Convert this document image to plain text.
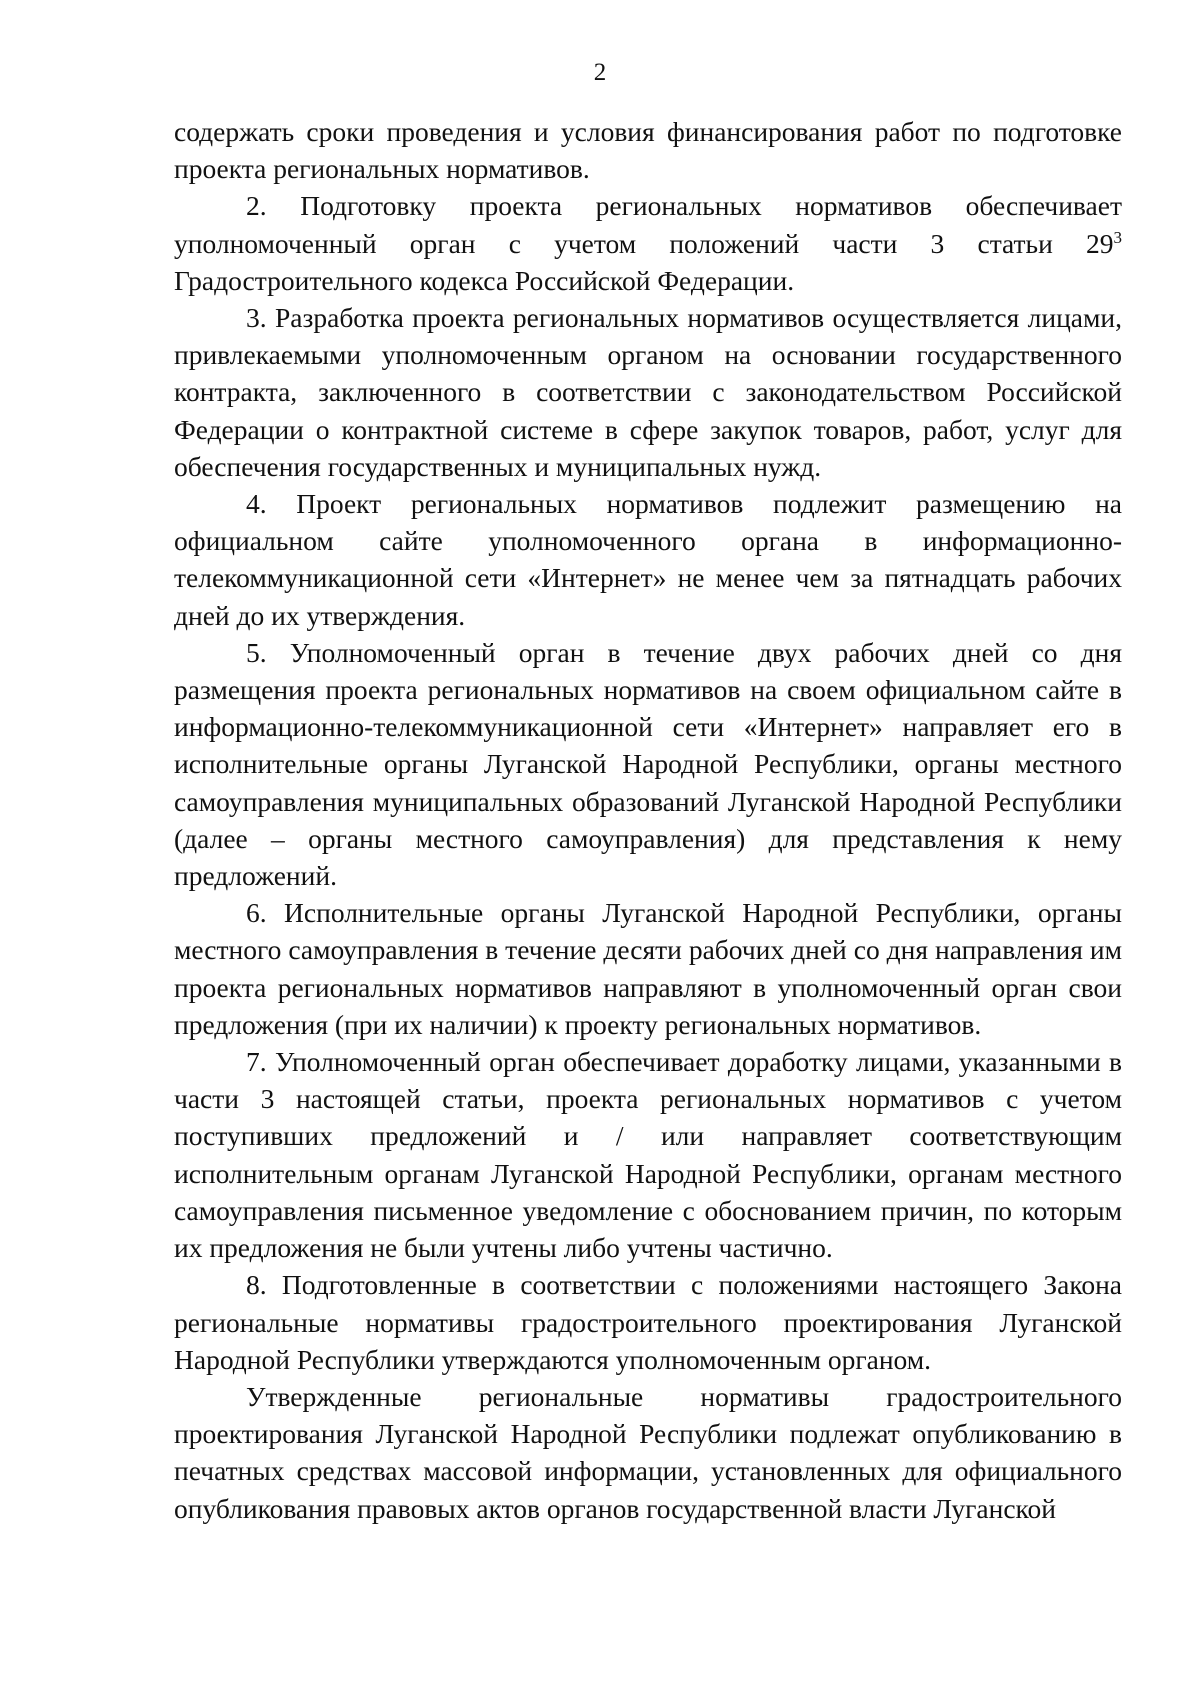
2

содержать сроки проведения и условия финансирования работ по подготовке проекта региональных нормативов.

2. Подготовку проекта региональных нормативов обеспечивает уполномоченный орган с учетом положений части 3 статьи $29^3$ Градостроительного кодекса Российской Федерации.

3. Разработка проекта региональных нормативов осуществляется лицами, привлекаемыми уполномоченным органом на основании государственного контракта, заключенного в соответствии с законодательством Российской Федерации о контрактной системе в сфере закупок товаров, работ, услуг для обеспечения государственных и муниципальных нужд.

4. Проект региональных нормативов подлежит размещению на официальном сайте уполномоченного органа в информационно-телекоммуникационной сети «Интернет» не менее чем за пятнадцать рабочих дней до их утверждения.

5. Уполномоченный орган в течение двух рабочих дней со дня размещения проекта региональных нормативов на своем официальном сайте в информационно-телекоммуникационной сети «Интернет» направляет его в исполнительные органы Луганской Народной Республики, органы местного самоуправления муниципальных образований Луганской Народной Республики (далее – органы местного самоуправления) для представления к нему предложений.

6. Исполнительные органы Луганской Народной Республики, органы местного самоуправления в течение десяти рабочих дней со дня направления им проекта региональных нормативов направляют в уполномоченный орган свои предложения (при их наличии) к проекту региональных нормативов.

7. Уполномоченный орган обеспечивает доработку лицами, указанными в части 3 настоящей статьи, проекта региональных нормативов с учетом поступивших предложений и / или направляет соответствующим исполнительным органам Луганской Народной Республики, органам местного самоуправления письменное уведомление с обоснованием причин, по которым их предложения не были учтены либо учтены частично.

8. Подготовленные в соответствии с положениями настоящего Закона региональные нормативы градостроительного проектирования Луганской Народной Республики утверждаются уполномоченным органом.

Утвержденные региональные нормативы градостроительного проектирования Луганской Народной Республики подлежат опубликованию в печатных средствах массовой информации, установленных для официального опубликования правовых актов органов государственной власти Луганской
